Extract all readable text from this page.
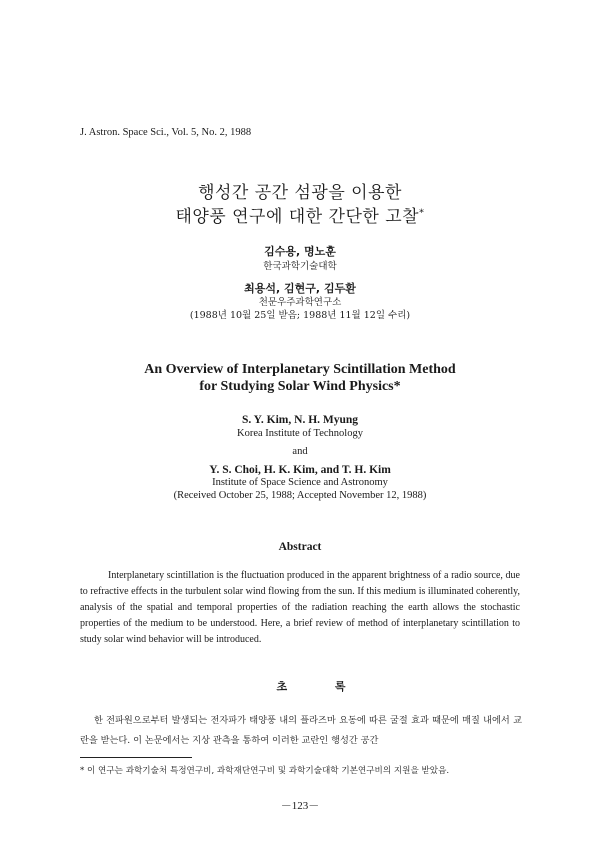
J. Astron. Space Sci., Vol. 5, No. 2, 1988
행성간 공간 섬광을 이용한
태양풍 연구에 대한 간단한 고찰*
김수용, 명노훈
한국과학기술대학
최용석, 김현구, 김두환
천문우주과학연구소
(1988년 10월 25일 받음; 1988년 11월 12일 수리)
An Overview of Interplanetary Scintillation Method
for Studying Solar Wind Physics*
S. Y. Kim, N. H. Myung
Korea Institute of Technology
and
Y. S. Choi, H. K. Kim, and T. H. Kim
Institute of Space Science and Astronomy
(Received October 25, 1988; Accepted November 12, 1988)
Abstract
Interplanetary scintillation is the fluctuation produced in the apparent brightness of a radio source, due to refractive effects in the turbulent solar wind flowing from the sun. If this medium is illuminated coherently, analysis of the spatial and temporal properties of the radiation reaching the earth allows the stochastic properties of the medium to be understood. Here, a brief review of method of interplanetary scintillation to study solar wind behavior will be introduced.
초 록
한 전파원으로부터 발생되는 전자파가 태양풍 내의 플라즈마 요동에 따른 굴절 효과 때문에 매질 내에서 교란을 받는다. 이 논문에서는 지상 관측을 통하여 이러한 교란인 행성간 공간
* 이 연구는 과학기술처 특정연구비, 과학재단연구비 및 과학기술대학 기본연구비의 지원을 받았음.
－123－
